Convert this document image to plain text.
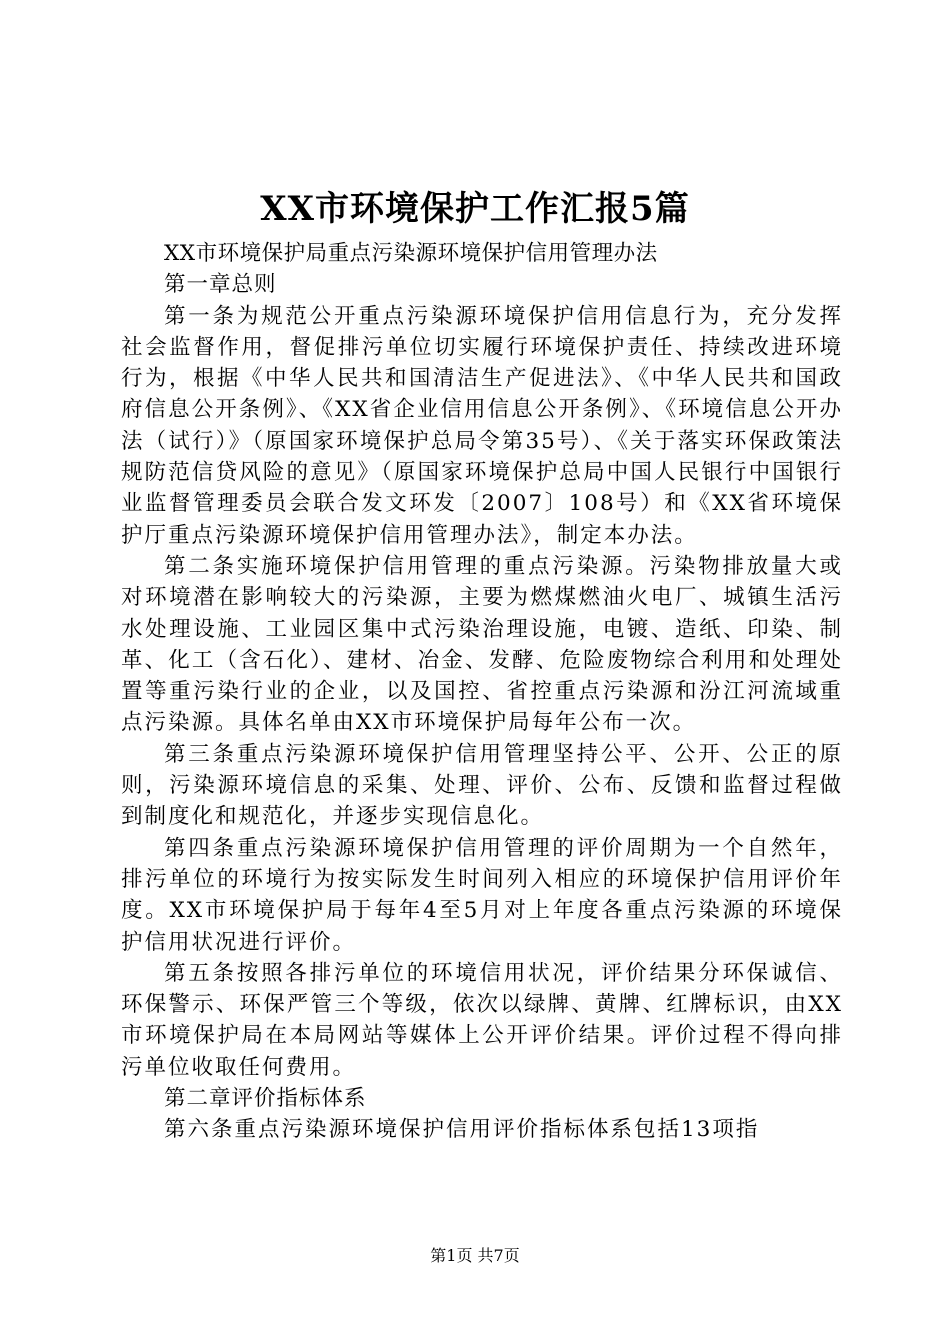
XX市环境保护工作汇报5篇

XX市环境保护局重点污染源环境保护信用管理办法

第一章总则

第一条为规范公开重点污染源环境保护信用信息行为，充分发挥社会监督作用，督促排污单位切实履行环境保护责任、持续改进环境行为，根据《中华人民共和国清洁生产促进法》、《中华人民共和国政府信息公开条例》、《XX省企业信用信息公开条例》、《环境信息公开办法（试行）》（原国家环境保护总局令第35号）、《关于落实环保政策法规防范信贷风险的意见》（原国家环境保护总局中国人民银行中国银行业监督管理委员会联合发文环发〔2007〕108号）和《XX省环境保护厅重点污染源环境保护信用管理办法》，制定本办法。

第二条实施环境保护信用管理的重点污染源。污染物排放量大或对环境潜在影响较大的污染源，主要为燃煤燃油火电厂、城镇生活污水处理设施、工业园区集中式污染治理设施，电镀、造纸、印染、制革、化工（含石化）、建材、冶金、发酵、危险废物综合利用和处理处置等重污染行业的企业，以及国控、省控重点污染源和汾江河流域重点污染源。具体名单由XX市环境保护局每年公布一次。

第三条重点污染源环境保护信用管理坚持公平、公开、公正的原则，污染源环境信息的采集、处理、评价、公布、反馈和监督过程做到制度化和规范化，并逐步实现信息化。

第四条重点污染源环境保护信用管理的评价周期为一个自然年，排污单位的环境行为按实际发生时间列入相应的环境保护信用评价年度。XX市环境保护局于每年4至5月对上年度各重点污染源的环境保护信用状况进行评价。

第五条按照各排污单位的环境信用状况，评价结果分环保诚信、环保警示、环保严管三个等级，依次以绿牌、黄牌、红牌标识，由XX市环境保护局在本局网站等媒体上公开评价结果。评价过程不得向排污单位收取任何费用。

第二章评价指标体系

第六条重点污染源环境保护信用评价指标体系包括13项指

第1页 共7页
